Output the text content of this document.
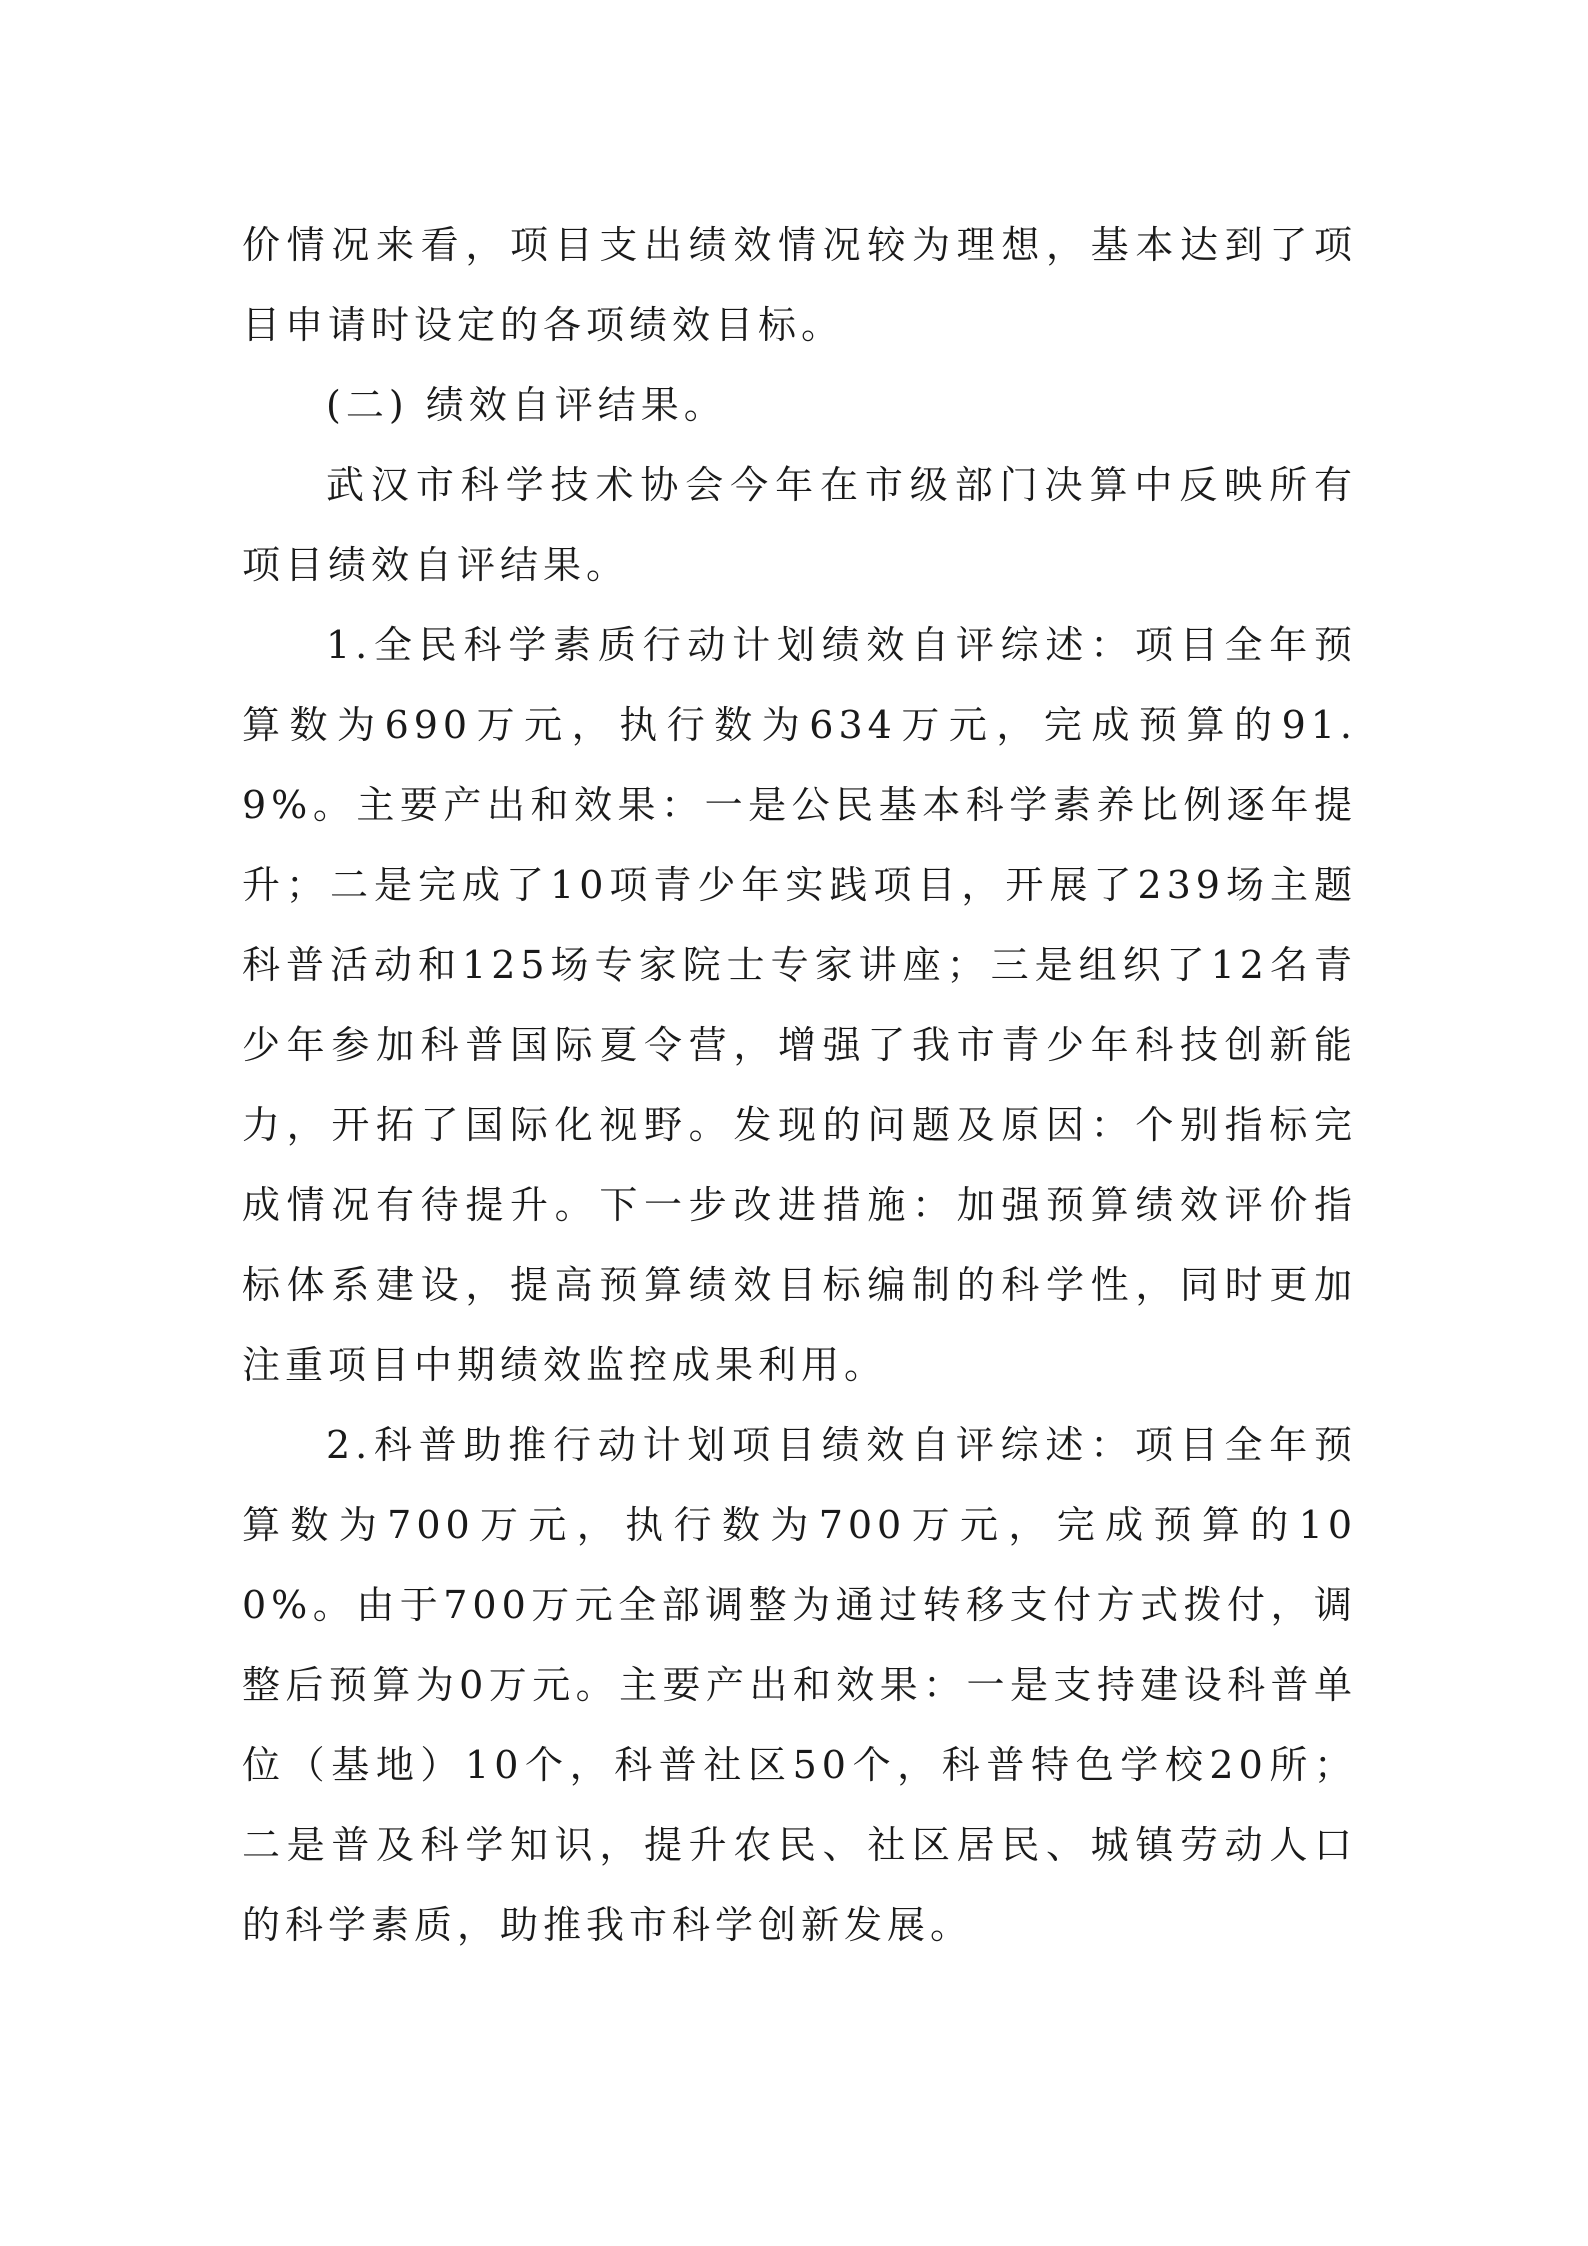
价情况来看，项目支出绩效情况较为理想，基本达到了项目申请时设定的各项绩效目标。

(二) 绩效自评结果。

武汉市科学技术协会今年在市级部门决算中反映所有项目绩效自评结果。

1.全民科学素质行动计划绩效自评综述：项目全年预算数为690万元，执行数为634万元，完成预算的91.9%。主要产出和效果：一是公民基本科学素养比例逐年提升；二是完成了10项青少年实践项目，开展了239场主题科普活动和125场专家院士专家讲座；三是组织了12名青少年参加科普国际夏令营，增强了我市青少年科技创新能力，开拓了国际化视野。发现的问题及原因：个别指标完成情况有待提升。下一步改进措施：加强预算绩效评价指标体系建设，提高预算绩效目标编制的科学性，同时更加注重项目中期绩效监控成果利用。

2.科普助推行动计划项目绩效自评综述：项目全年预算数为700万元，执行数为700万元，完成预算的100%。由于700万元全部调整为通过转移支付方式拨付，调整后预算为0万元。主要产出和效果：一是支持建设科普单位（基地）10个，科普社区50个，科普特色学校20所；二是普及科学知识，提升农民、社区居民、城镇劳动人口的科学素质，助推我市科学创新发展。
